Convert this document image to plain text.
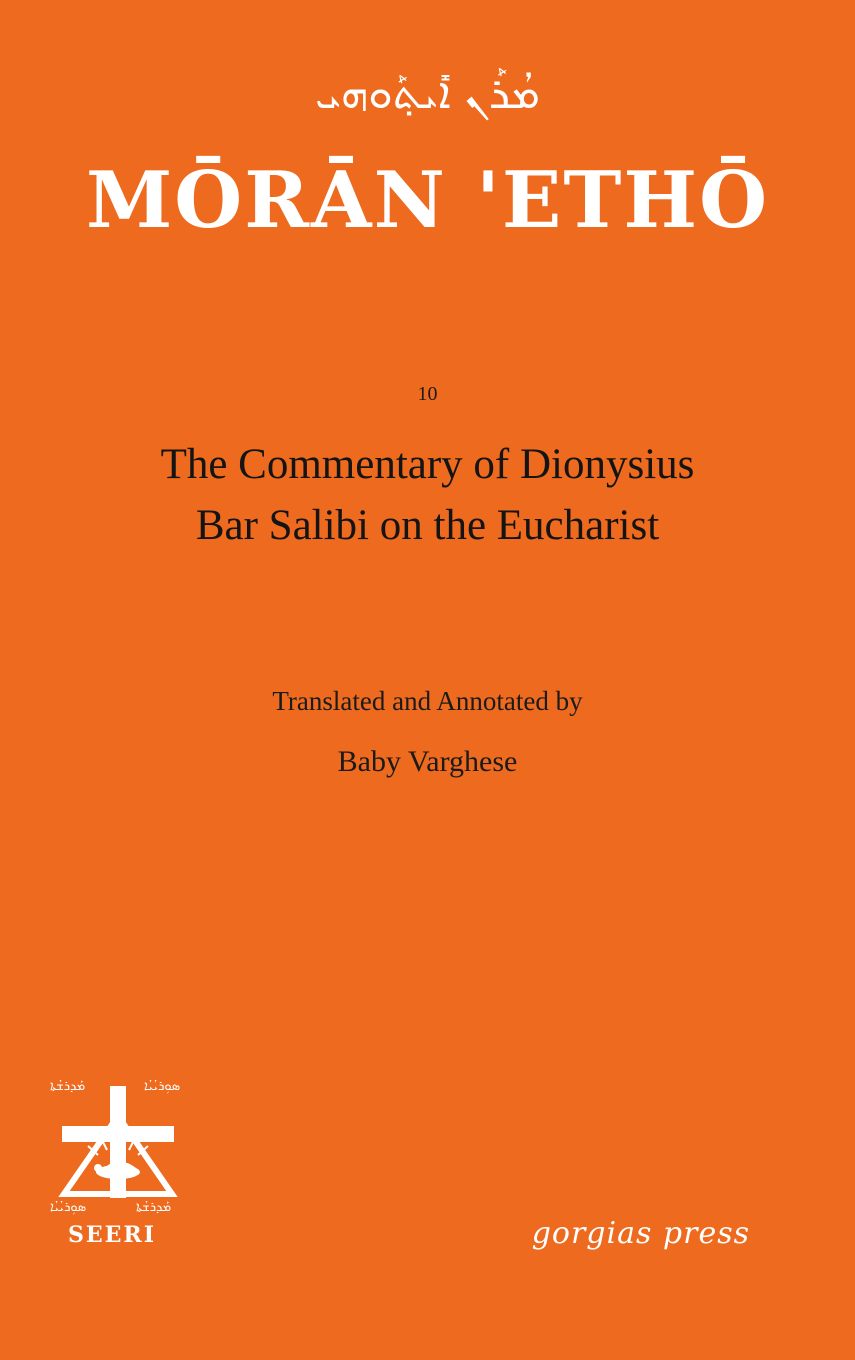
ܡܳܪܰܢ ܐܺܝܬ݂ܰܘܗܝ
MŌRĀN 'ETHŌ
10
The Commentary of Dionysius
Bar Salibi on the Eucharist
Translated and Annotated by
Baby Varghese
ܡܰܕܪܫܳܬܐ	ܣܘܼܪܝܳܝܳܐ
ܣܘܼܪܝܳܝܳܐ	ܡܰܕܪܫܳܬܐ
SEERI	gorgias press
